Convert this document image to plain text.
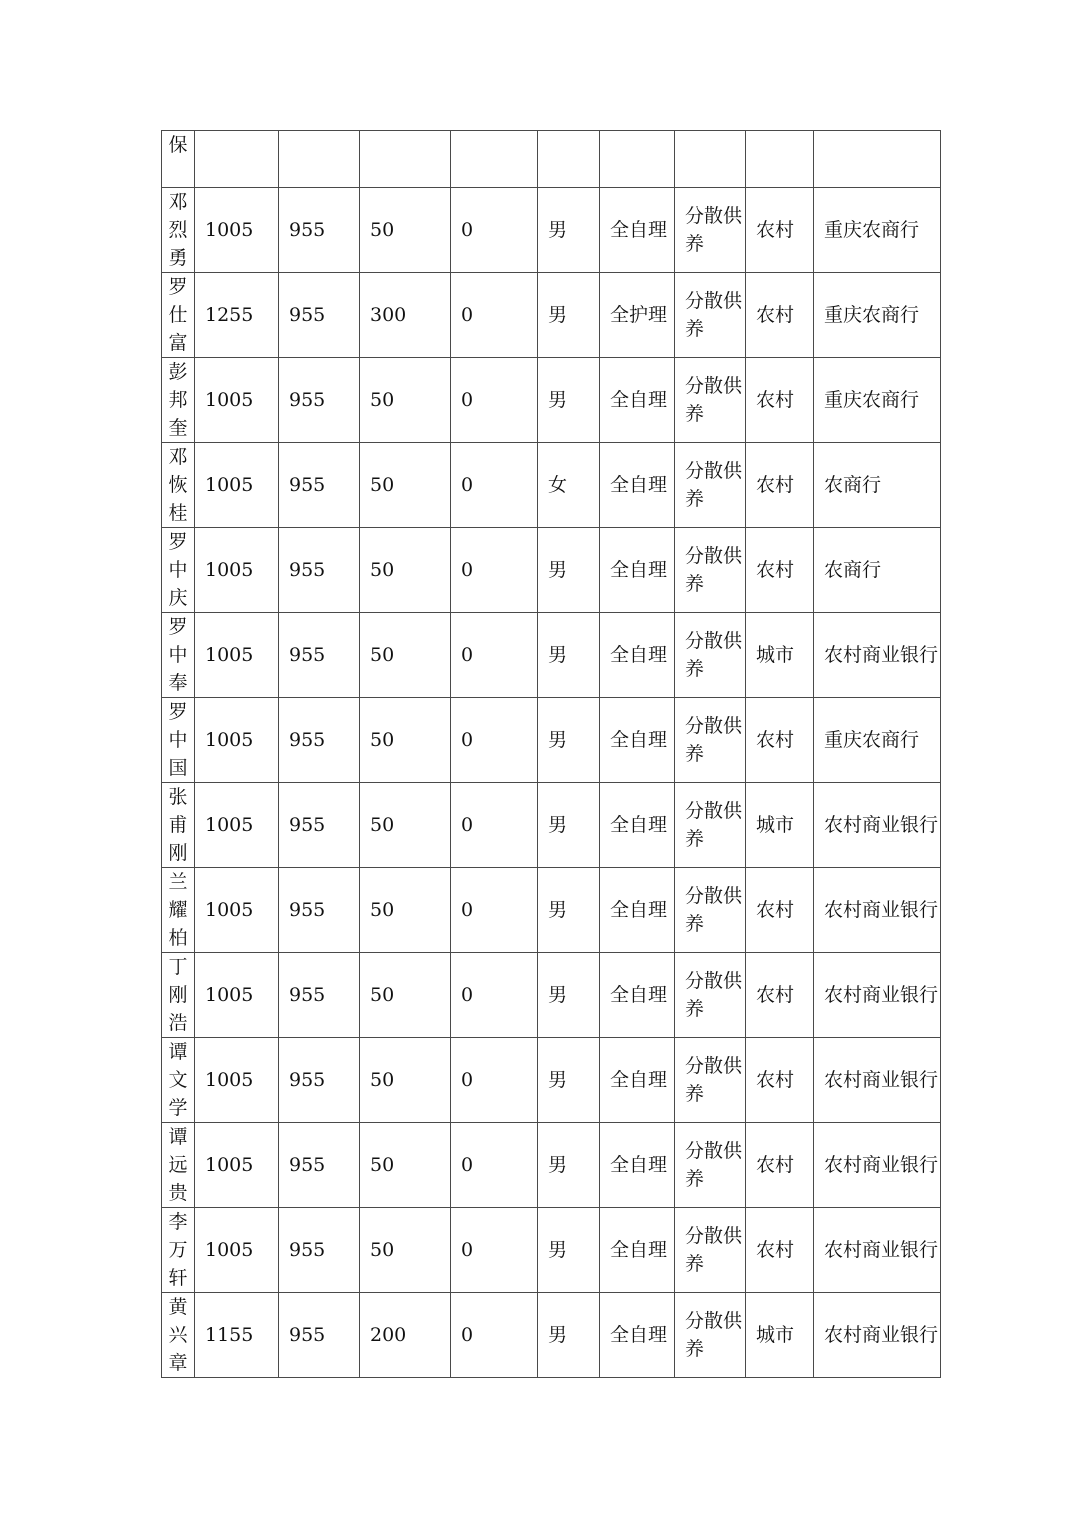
保									

邓
烈
勇	1005	955	50	0	男	全自理	分散供养	农村	重庆农商行

罗
仕
富	1255	955	300	0	男	全护理	分散供养	农村	重庆农商行

彭
邦
奎	1005	955	50	0	男	全自理	分散供养	农村	重庆农商行

邓
恢
桂	1005	955	50	0	女	全自理	分散供养	农村	农商行

罗
中
庆	1005	955	50	0	男	全自理	分散供养	农村	农商行

罗
中
奉	1005	955	50	0	男	全自理	分散供养	城市	农村商业银行

罗
中
国	1005	955	50	0	男	全自理	分散供养	农村	重庆农商行

张
甫
刚	1005	955	50	0	男	全自理	分散供养	城市	农村商业银行

兰
耀
柏	1005	955	50	0	男	全自理	分散供养	农村	农村商业银行

丁
刚
浩	1005	955	50	0	男	全自理	分散供养	农村	农村商业银行

谭
文
学	1005	955	50	0	男	全自理	分散供养	农村	农村商业银行

谭
远
贵	1005	955	50	0	男	全自理	分散供养	农村	农村商业银行

李
万
轩	1005	955	50	0	男	全自理	分散供养	农村	农村商业银行

黄
兴
章	1155	955	200	0	男	全自理	分散供养	城市	农村商业银行
